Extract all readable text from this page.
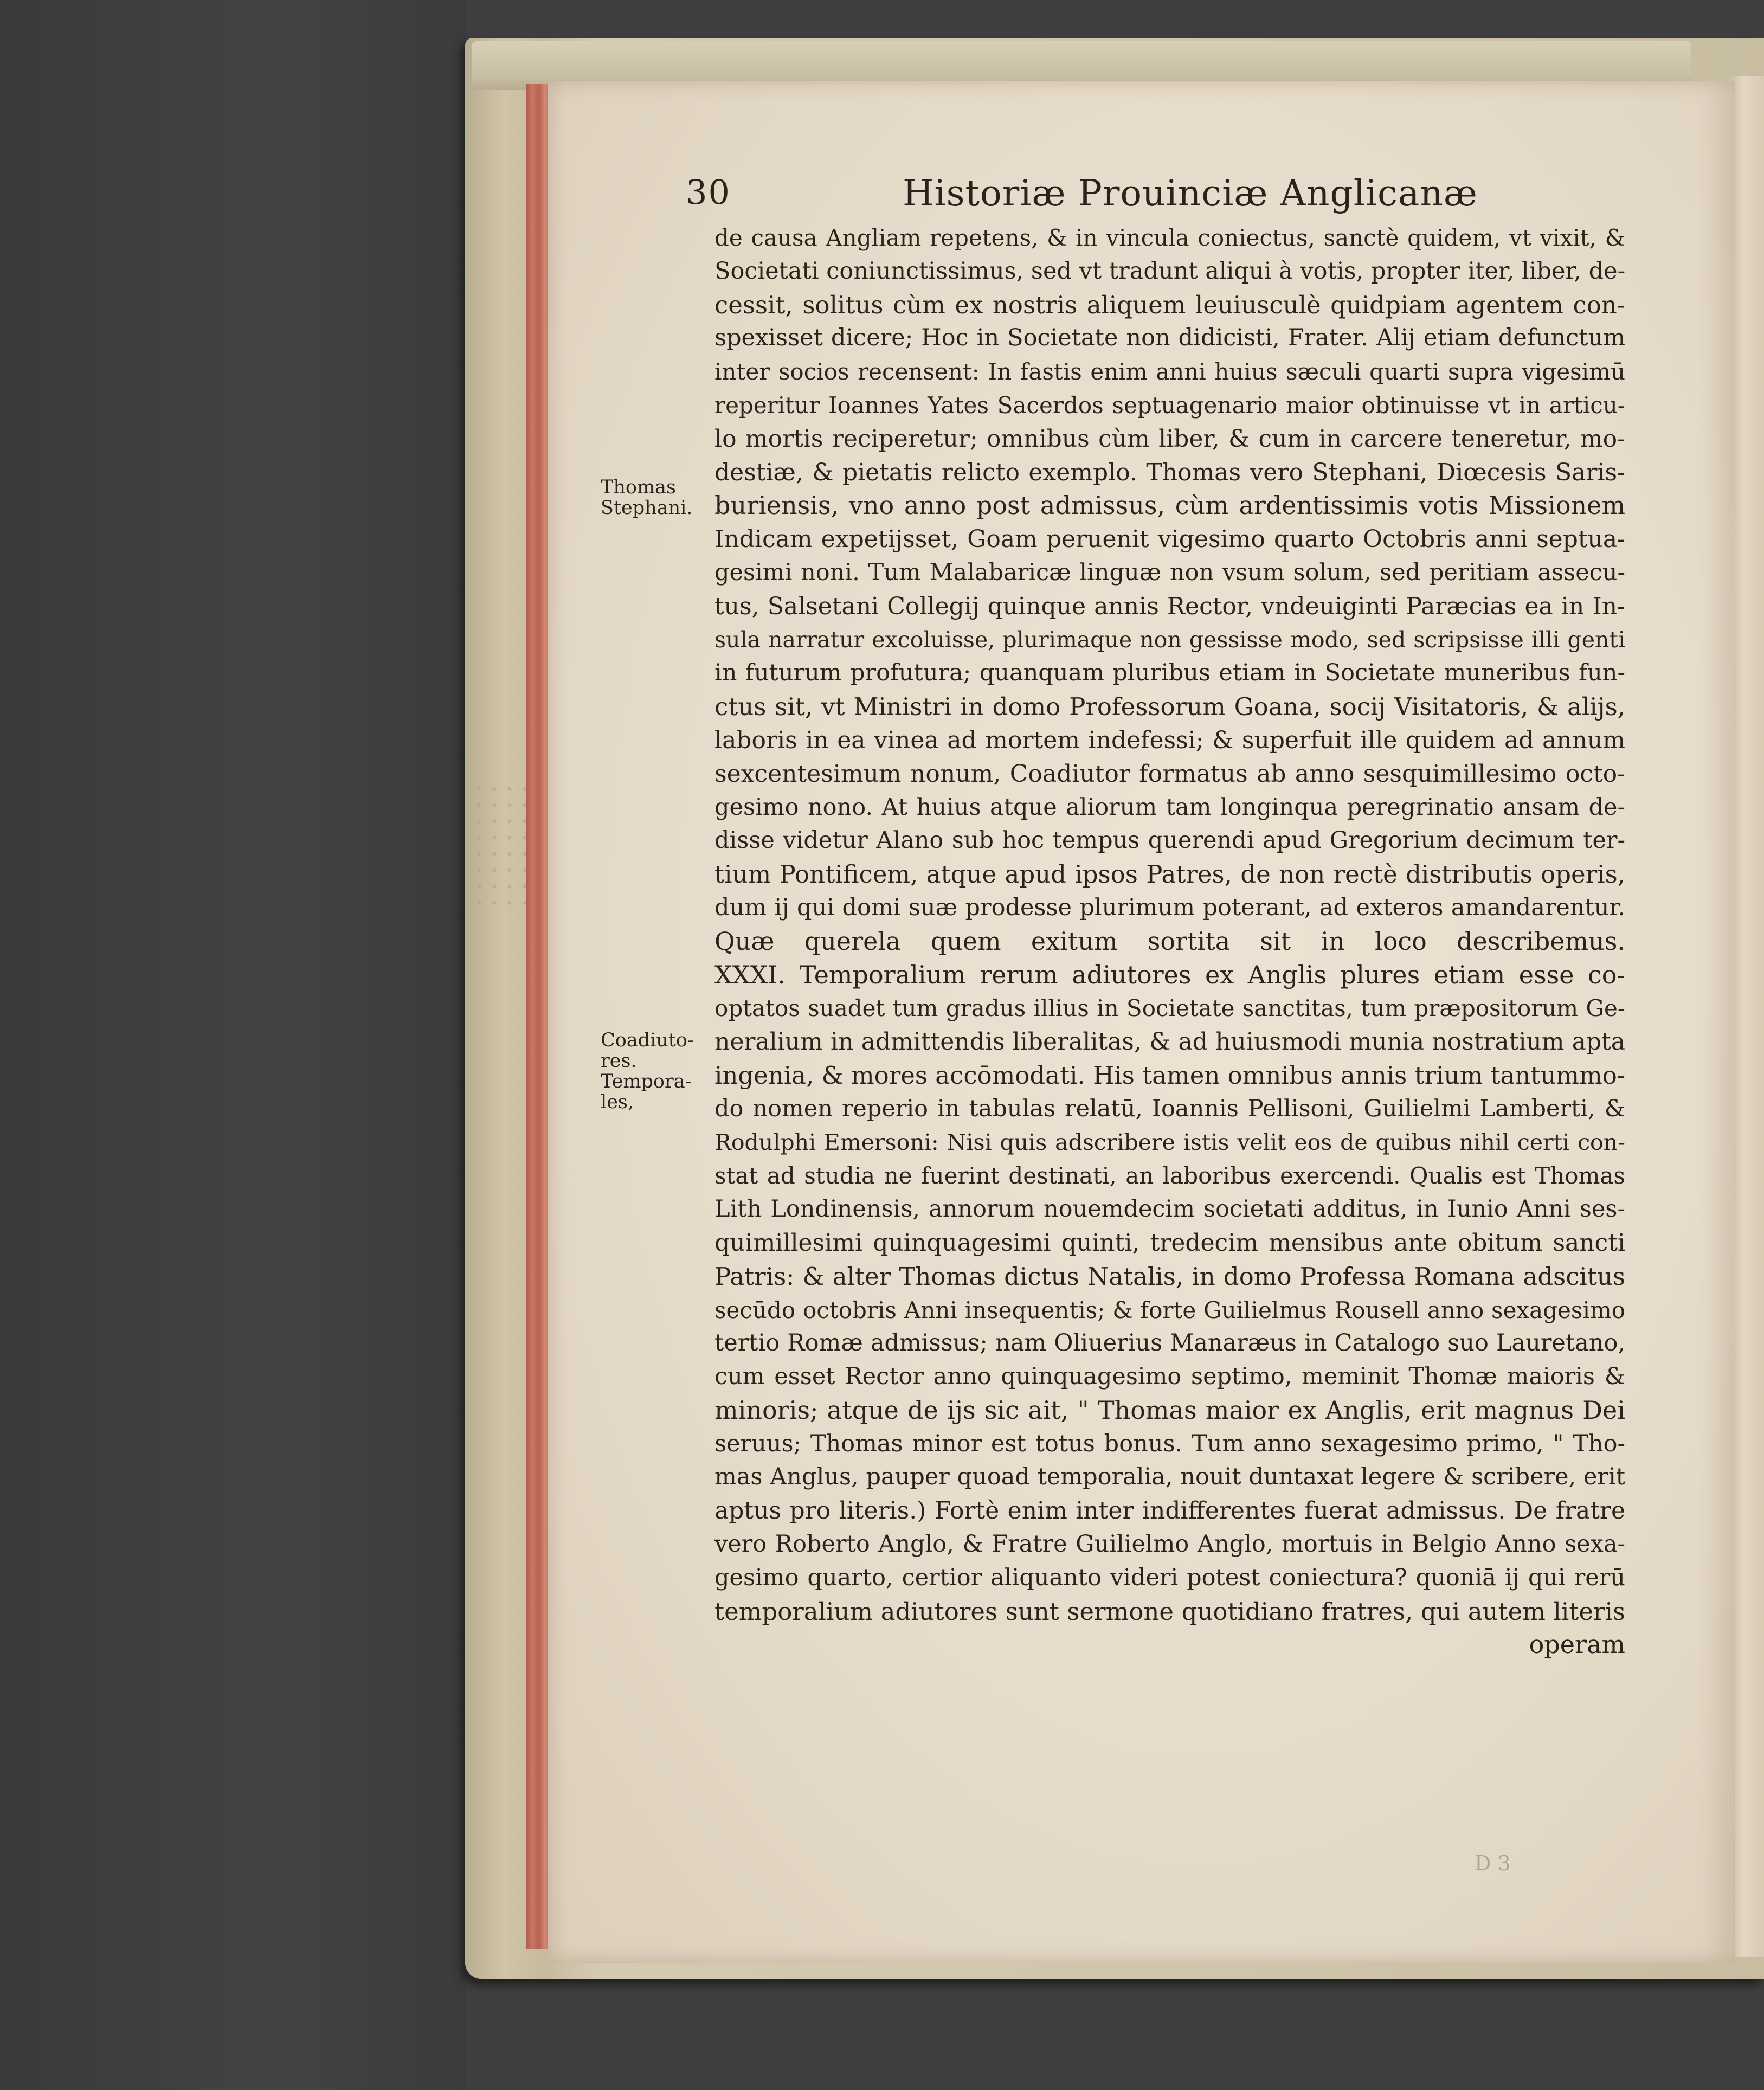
30	Historiæ Prouinciæ Anglicanæ
Thomas
Stephani.
Coadiuto-
res.
Tempora-
les,
de causa Angliam repetens, & in vincula coniectus, sanctè quidem, vt vixit, &
Societati coniunctissimus, sed vt tradunt aliqui à votis, propter iter, liber, de-
cessit, solitus cùm ex nostris aliquem leuiusculè quidpiam agentem con-
spexisset dicere; Hoc in Societate non didicisti, Frater. Alij etiam defunctum
inter socios recensent: In fastis enim anni huius sæculi quarti supra vigesimū
reperitur Ioannes Yates Sacerdos septuagenario maior obtinuisse vt in articu-
lo mortis reciperetur; omnibus cùm liber, & cum in carcere teneretur, mo-
destiæ, & pietatis relicto exemplo. Thomas vero Stephani, Diœcesis Saris-
buriensis, vno anno post admissus, cùm ardentissimis votis Missionem
Indicam expetijsset, Goam peruenit vigesimo quarto Octobris anni septua-
gesimi noni. Tum Malabaricæ linguæ non vsum solum, sed peritiam assecu-
tus, Salsetani Collegij quinque annis Rector, vndeuiginti Paræcias ea in In-
sula narratur excoluisse, plurimaque non gessisse modo, sed scripsisse illi genti
in futurum profutura; quanquam pluribus etiam in Societate muneribus fun-
ctus sit, vt Ministri in domo Professorum Goana, socij Visitatoris, & alijs,
laboris in ea vinea ad mortem indefessi; & superfuit ille quidem ad annum
sexcentesimum nonum, Coadiutor formatus ab anno sesquimillesimo octo-
gesimo nono. At huius atque aliorum tam longinqua peregrinatio ansam de-
disse videtur Alano sub hoc tempus querendi apud Gregorium decimum ter-
tium Pontificem, atque apud ipsos Patres, de non rectè distributis operis,
dum ij qui domi suæ prodesse plurimum poterant, ad exteros amandarentur.
Quæ querela quem exitum sortita sit in loco describemus.
XXXI. Temporalium rerum adiutores ex Anglis plures etiam esse co-
optatos suadet tum gradus illius in Societate sanctitas, tum præpositorum Ge-
neralium in admittendis liberalitas, & ad huiusmodi munia nostratium apta
ingenia, & mores accōmodati. His tamen omnibus annis trium tantummo-
do nomen reperio in tabulas relatū, Ioannis Pellisoni, Guilielmi Lamberti, &
Rodulphi Emersoni: Nisi quis adscribere istis velit eos de quibus nihil certi con-
stat ad studia ne fuerint destinati, an laboribus exercendi. Qualis est Thomas
Lith Londinensis, annorum nouemdecim societati additus, in Iunio Anni ses-
quimillesimi quinquagesimi quinti, tredecim mensibus ante obitum sancti
Patris: & alter Thomas dictus Natalis, in domo Professa Romana adscitus
secūdo octobris Anni insequentis; & forte Guilielmus Rousell anno sexagesimo
tertio Romæ admissus; nam Oliuerius Manaræus in Catalogo suo Lauretano,
cum esset Rector anno quinquagesimo septimo, meminit Thomæ maioris &
minoris; atque de ijs sic ait, " Thomas maior ex Anglis, erit magnus Dei
seruus; Thomas minor est totus bonus. Tum anno sexagesimo primo, " Tho-
mas Anglus, pauper quoad temporalia, nouit duntaxat legere & scribere, erit
aptus pro literis.) Fortè enim inter indifferentes fuerat admissus. De fratre
vero Roberto Anglo, & Fratre Guilielmo Anglo, mortuis in Belgio Anno sexa-
gesimo quarto, certior aliquanto videri potest coniectura? quoniā ij qui rerū
temporalium adiutores sunt sermone quotidiano fratres, qui autem literis
operam
D 3
